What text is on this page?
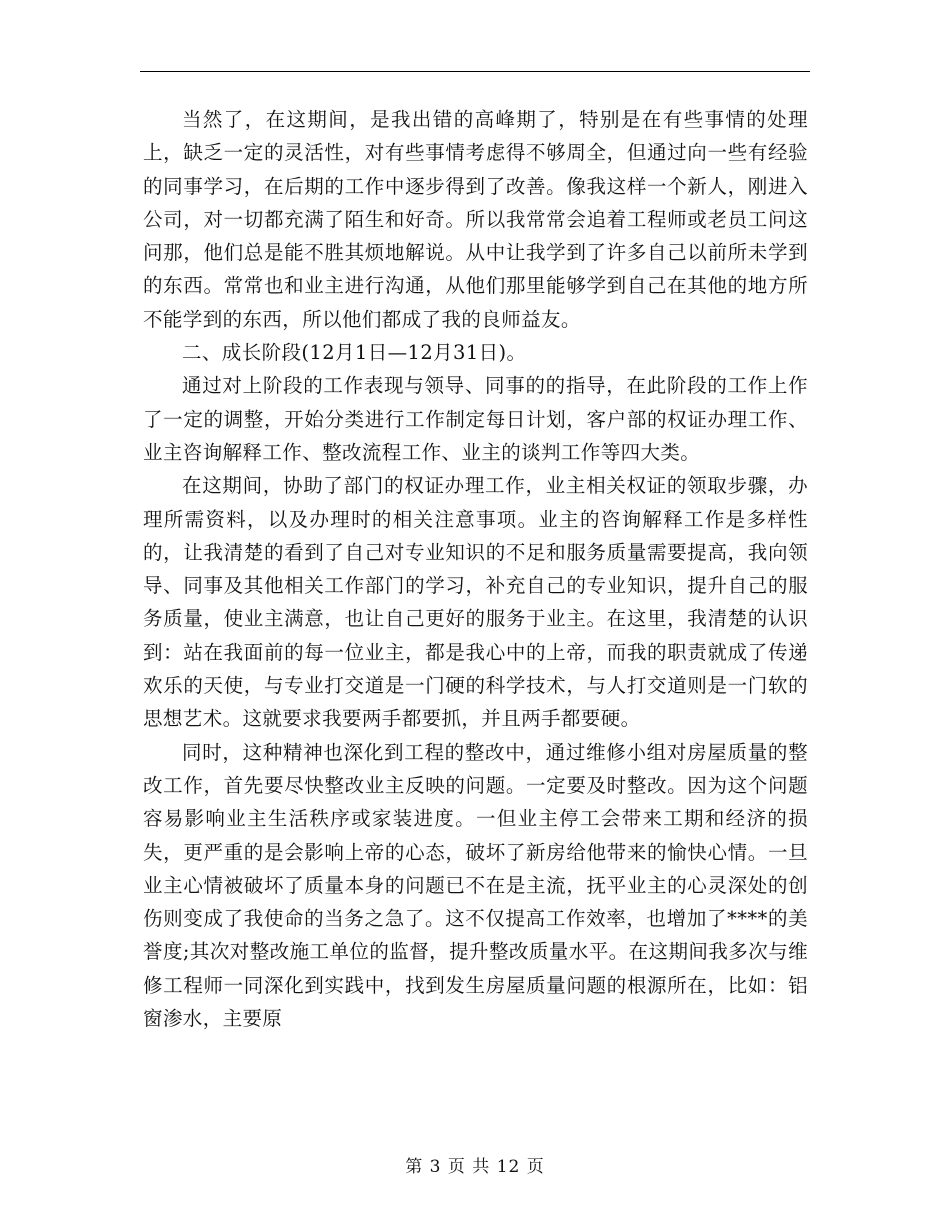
当然了，在这期间，是我出错的高峰期了，特别是在有些事情的处理上，缺乏一定的灵活性，对有些事情考虑得不够周全，但通过向一些有经验的同事学习，在后期的工作中逐步得到了改善。像我这样一个新人，刚进入公司，对一切都充满了陌生和好奇。所以我常常会追着工程师或老员工问这问那，他们总是能不胜其烦地解说。从中让我学到了许多自己以前所未学到的东西。常常也和业主进行沟通，从他们那里能够学到自己在其他的地方所不能学到的东西，所以他们都成了我的良师益友。

二、成长阶段(12月1日—12月31日)。

通过对上阶段的工作表现与领导、同事的的指导，在此阶段的工作上作了一定的调整，开始分类进行工作制定每日计划，客户部的权证办理工作、业主咨询解释工作、整改流程工作、业主的谈判工作等四大类。

在这期间，协助了部门的权证办理工作，业主相关权证的领取步骤，办理所需资料，以及办理时的相关注意事项。业主的咨询解释工作是多样性的，让我清楚的看到了自己对专业知识的不足和服务质量需要提高，我向领导、同事及其他相关工作部门的学习，补充自己的专业知识，提升自己的服务质量，使业主满意，也让自己更好的服务于业主。在这里，我清楚的认识到：站在我面前的每一位业主，都是我心中的上帝，而我的职责就成了传递欢乐的天使，与专业打交道是一门硬的科学技术，与人打交道则是一门软的思想艺术。这就要求我要两手都要抓，并且两手都要硬。

同时，这种精神也深化到工程的整改中，通过维修小组对房屋质量的整改工作，首先要尽快整改业主反映的问题。一定要及时整改。因为这个问题容易影响业主生活秩序或家装进度。一但业主停工会带来工期和经济的损失，更严重的是会影响上帝的心态，破坏了新房给他带来的愉快心情。一旦业主心情被破坏了质量本身的问题已不在是主流，抚平业主的心灵深处的创伤则变成了我使命的当务之急了。这不仅提高工作效率，也增加了****的美誉度;其次对整改施工单位的监督，提升整改质量水平。在这期间我多次与维修工程师一同深化到实践中，找到发生房屋质量问题的根源所在，比如：铝窗渗水，主要原

第 3 页 共 12 页
